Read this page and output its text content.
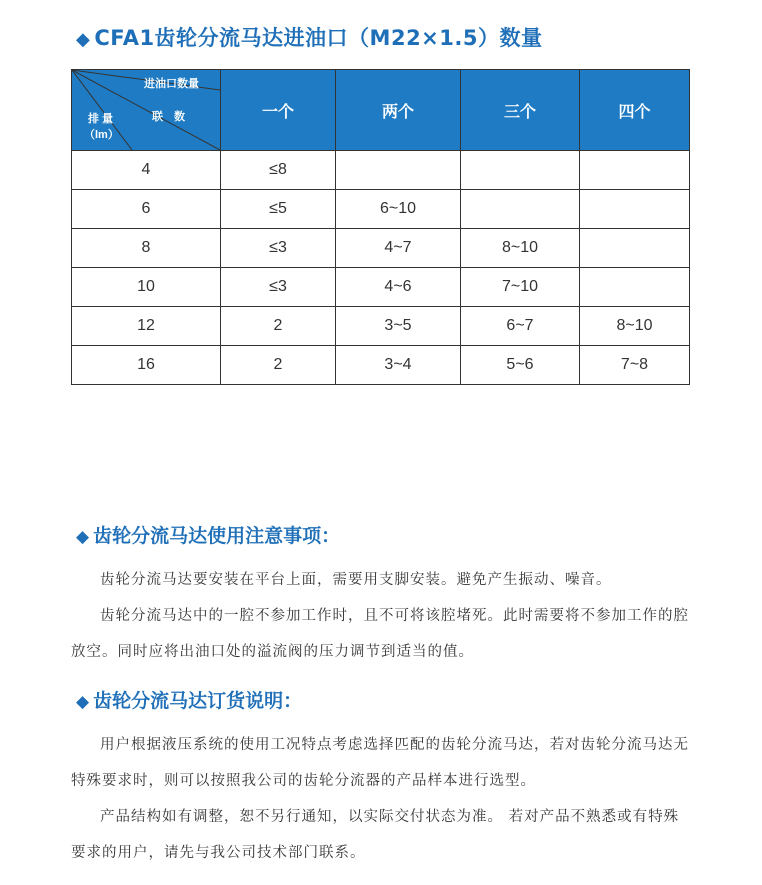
◆ CFA1齿轮分流马达进油口（M22×1.5）数量
进油口数量
联　数
排 量
（lm）	一个	两个	三个	四个
4	≤8			
6	≤5	6~10		
8	≤3	4~7	8~10	
10	≤3	4~6	7~10	
12	2	3~5	6~7	8~10
16	2	3~4	5~6	7~8
◆ 齿轮分流马达使用注意事项：

齿轮分流马达要安装在平台上面，需要用支脚安装。避免产生振动、噪音。

齿轮分流马达中的一腔不参加工作时，且不可将该腔堵死。此时需要将不参加工作的腔放空。同时应将出油口处的溢流阀的压力调节到适当的值。

◆ 齿轮分流马达订货说明：

用户根据液压系统的使用工况特点考虑选择匹配的齿轮分流马达，若对齿轮分流马达无特殊要求时，则可以按照我公司的齿轮分流器的产品样本进行选型。

产品结构如有调整，恕不另行通知，以实际交付状态为准。 若对产品不熟悉或有特殊要求的用户，请先与我公司技术部门联系。
